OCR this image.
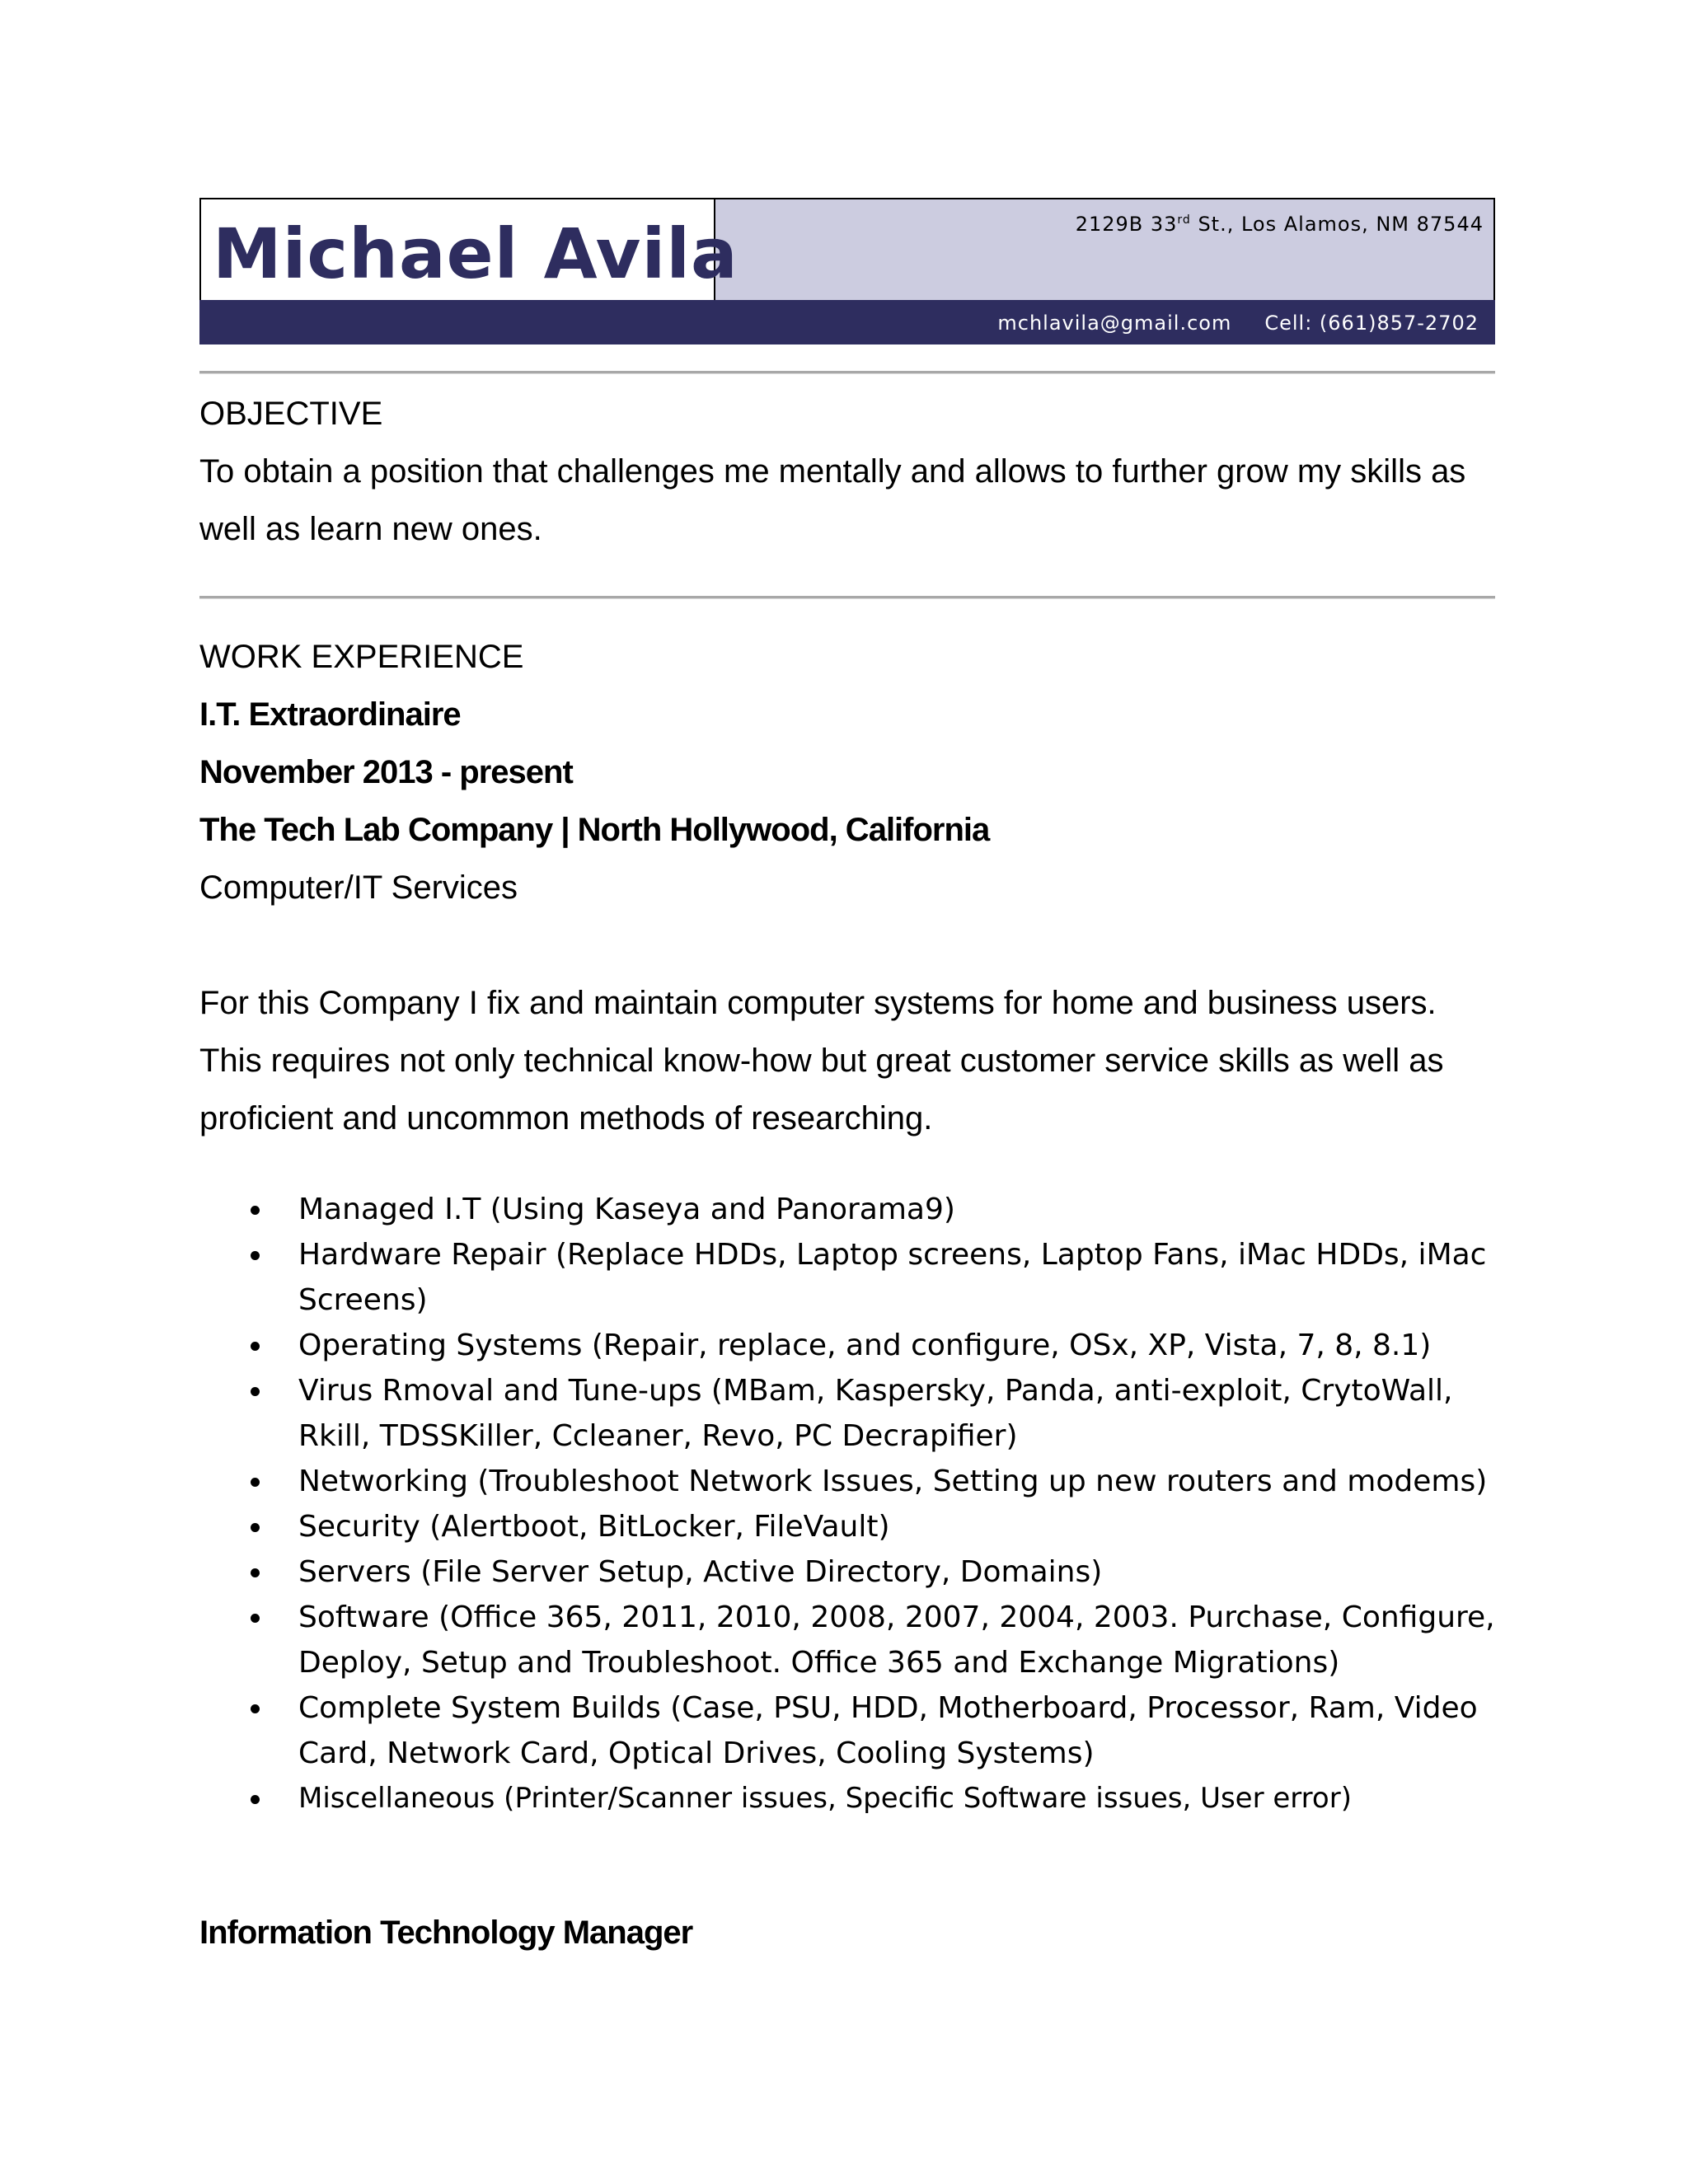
Michael Avila	2129B 33rd St., Los Alamos, NM 87544
mchlavila@gmail.com Cell: (661)857-2702
OBJECTIVE
To obtain a position that challenges me mentally and allows to further grow my skills as
well as learn new ones.
WORK EXPERIENCE
I.T. Extraordinaire
November 2013 - present
The Tech Lab Company | North Hollywood, California
Computer/IT Services
For this Company I fix and maintain computer systems for home and business users.
This requires not only technical know-how but great customer service skills as well as
proficient and uncommon methods of researching.
Managed I.T (Using Kaseya and Panorama9)
Hardware Repair (Replace HDDs, Laptop screens, Laptop Fans, iMac HDDs, iMac
Screens)
Operating Systems (Repair, replace, and configure, OSx, XP, Vista, 7, 8, 8.1)
Virus Rmoval and Tune-ups (MBam, Kaspersky, Panda, anti-exploit, CrytoWall,
Rkill, TDSSKiller, Ccleaner, Revo, PC Decrapifier)
Networking (Troubleshoot Network Issues, Setting up new routers and modems)
Security (Alertboot, BitLocker, FileVault)
Servers (File Server Setup, Active Directory, Domains)
Software (Office 365, 2011, 2010, 2008, 2007, 2004, 2003. Purchase, Configure,
Deploy, Setup and Troubleshoot. Office 365 and Exchange Migrations)
Complete System Builds (Case, PSU, HDD, Motherboard, Processor, Ram, Video
Card, Network Card, Optical Drives, Cooling Systems)
Miscellaneous (Printer/Scanner issues, Specific Software issues, User error)
Information Technology Manager
